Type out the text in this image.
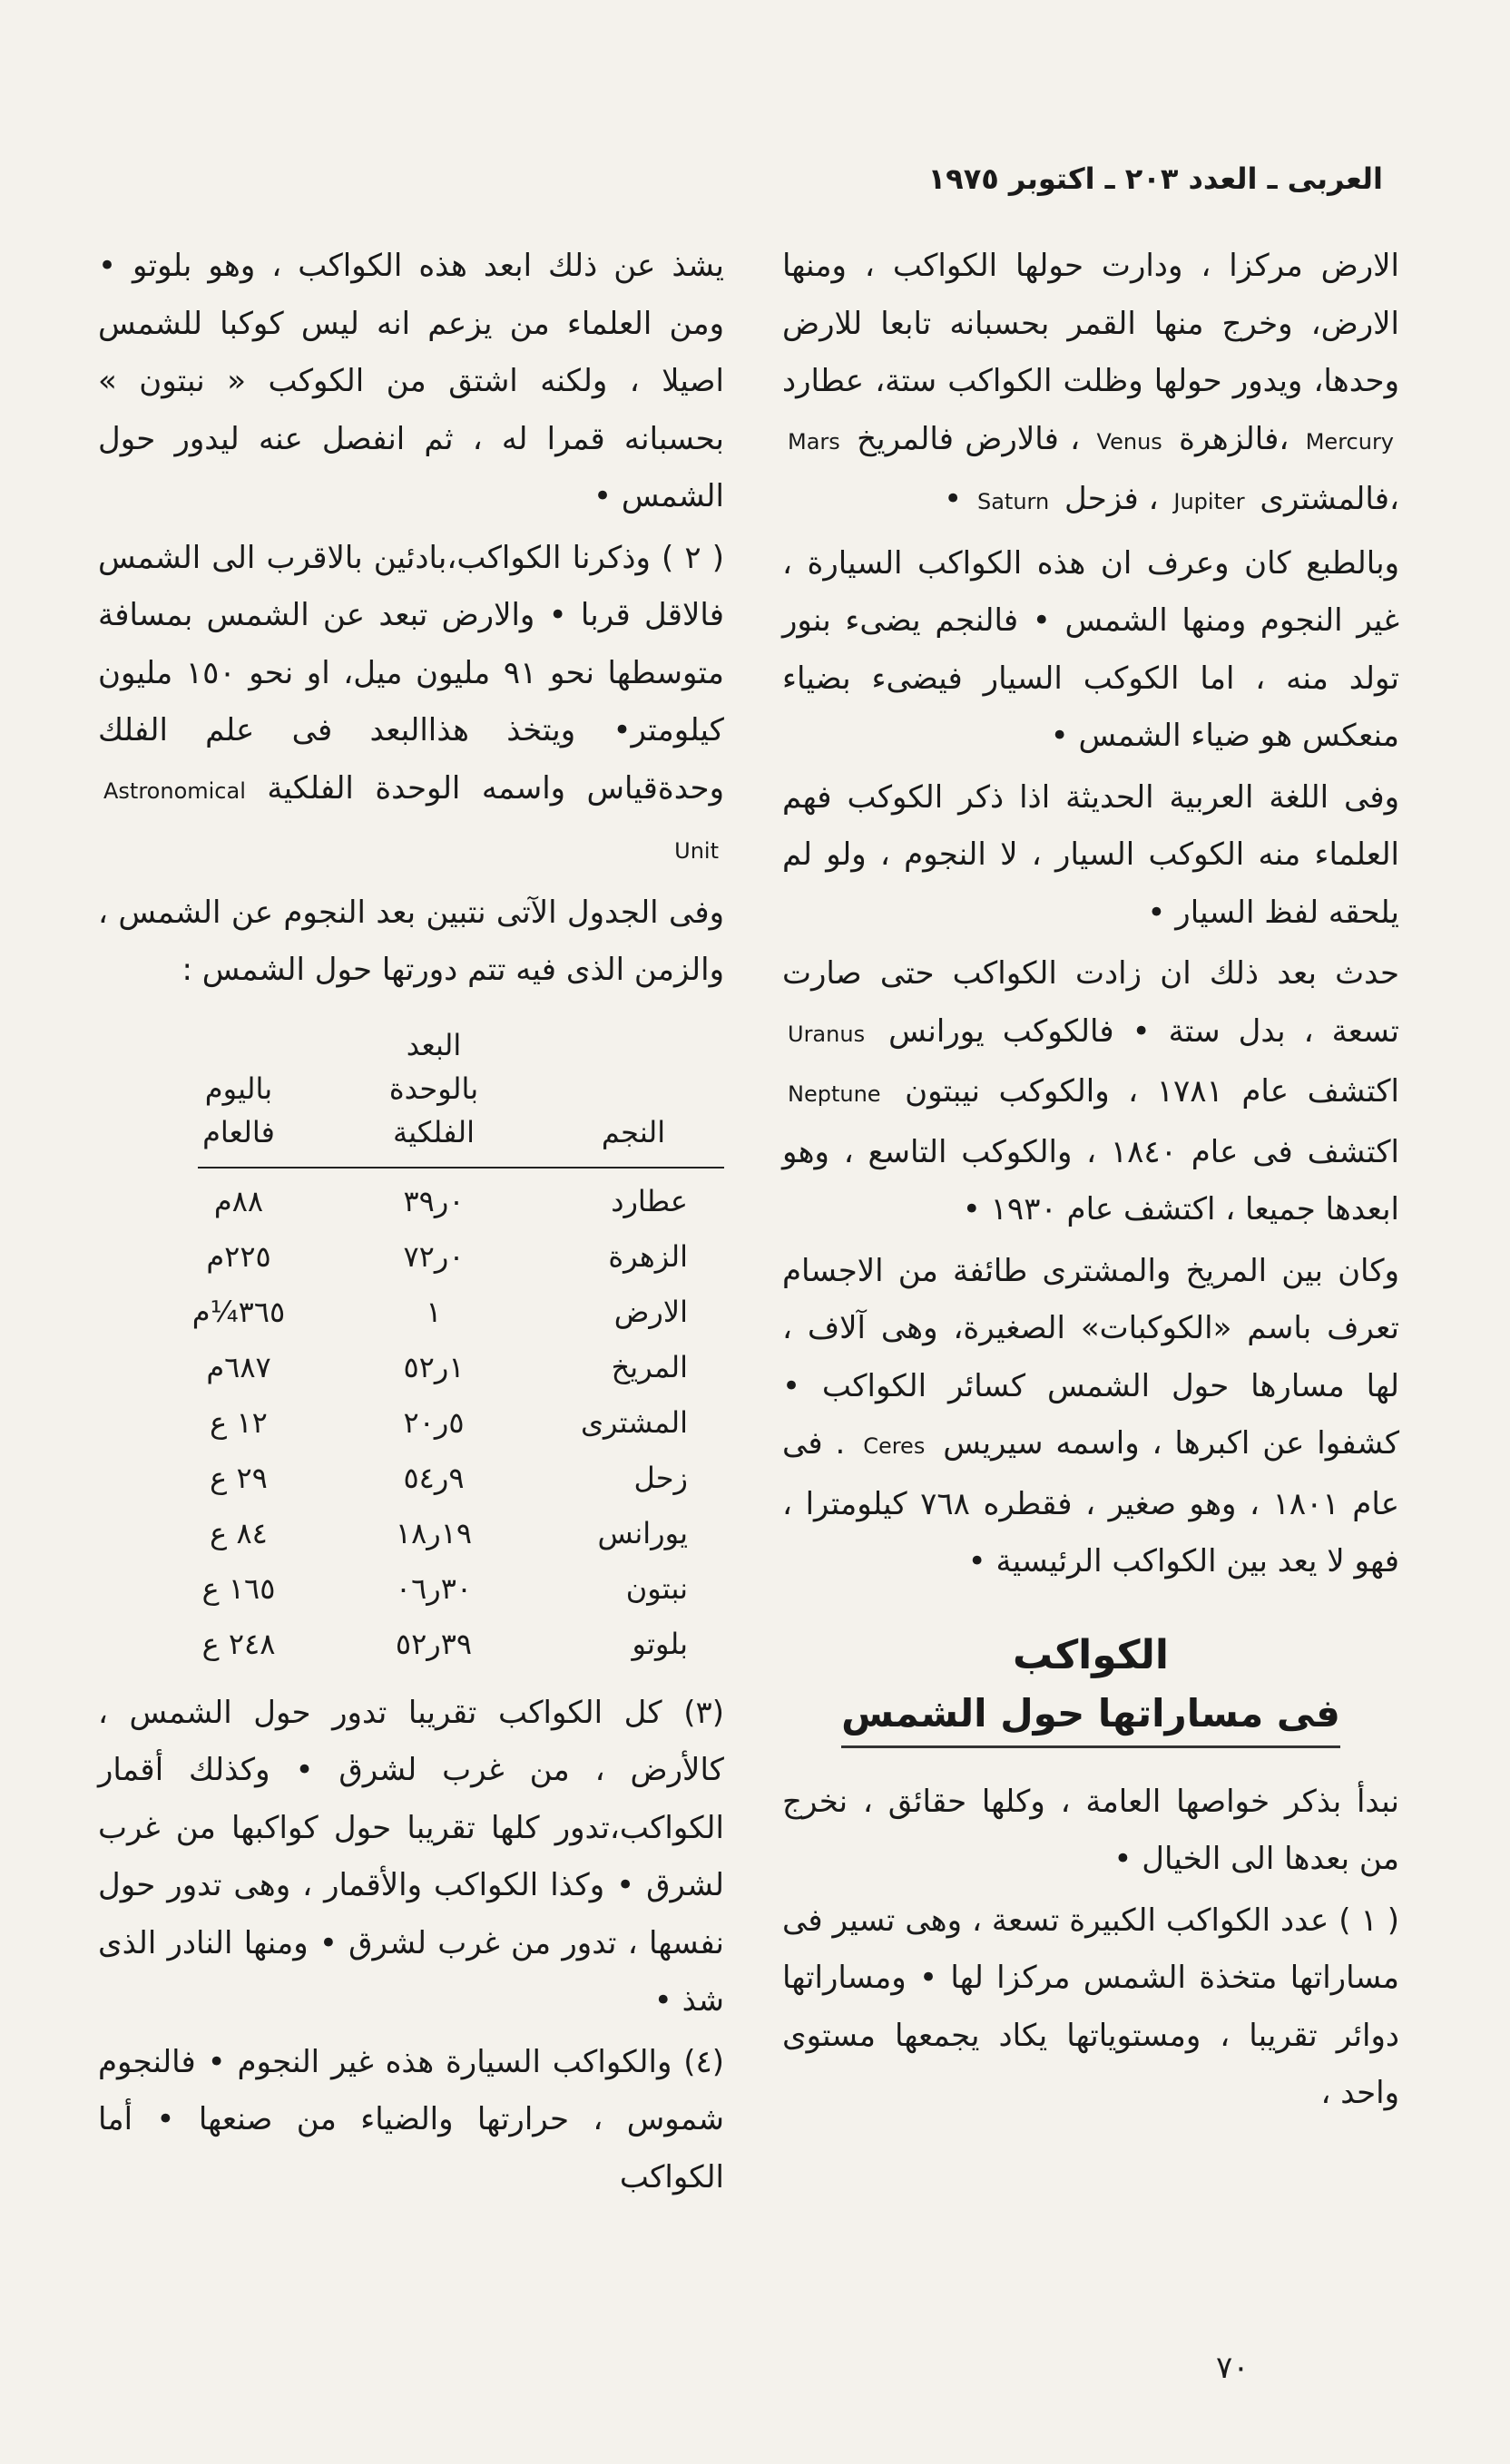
العربى ـ العدد ٢٠٣ ـ اكتوبر ١٩٧٥

الارض مركزا ، ودارت حولها الكواكب ، ومنها الارض، وخرج منها القمر بحسبانه تابعا للارض وحدها، ويدور حولها وظلت الكواكب ستة، عطارد Mercury ،فالزهرة Venus ، فالارض فالمريخ Mars ،فالمشترى Jupiter ، فزحل Saturn •

وبالطبع كان وعرف ان هذه الكواكب السيارة ، غير النجوم ومنها الشمس • فالنجم يضىء بنور تولد منه ، اما الكوكب السيار فيضىء بضياء منعكس هو ضياء الشمس •

وفى اللغة العربية الحديثة اذا ذكر الكوكب فهم العلماء منه الكوكب السيار ، لا النجوم ، ولو لم يلحقه لفظ السيار •

حدث بعد ذلك ان زادت الكواكب حتى صارت تسعة ، بدل ستة • فالكوكب يورانس Uranus اكتشف عام ١٧٨١ ، والكوكب نيبتون Neptune اكتشف فى عام ١٨٤٠ ، والكوكب التاسع ، وهو ابعدها جميعا ، اكتشف عام ١٩٣٠ •

وكان بين المريخ والمشترى طائفة من الاجسام تعرف باسم «الكوكبات» الصغيرة، وهى آلاف ، لها مسارها حول الشمس كسائر الكواكب • كشفوا عن اكبرها ، واسمه سيريس Ceres . فى عام ١٨٠١ ، وهو صغير ، فقطره ٧٦٨ كيلومترا ، فهو لا يعد بين الكواكب الرئيسية •

الكواكب
فى مساراتها حول الشمس

نبدأ بذكر خواصها العامة ، وكلها حقائق ، نخرج من بعدها الى الخيال •

( ١ ) عدد الكواكب الكبيرة تسعة ، وهى تسير فى مساراتها متخذة الشمس مركزا لها • ومساراتها دوائر تقريبا ، ومستوياتها يكاد يجمعها مستوى واحد ،

يشذ عن ذلك ابعد هذه الكواكب ، وهو بلوتو • ومن العلماء من يزعم انه ليس كوكبا للشمس اصيلا ، ولكنه اشتق من الكوكب « نبتون » بحسبانه قمرا له ، ثم انفصل عنه ليدور حول الشمس •

( ٢ ) وذكرنا الكواكب،بادئين بالاقرب الى الشمس فالاقل قربا • والارض تبعد عن الشمس بمسافة متوسطها نحو ٩١ مليون ميل، او نحو ١٥٠ مليون كيلومتر• ويتخذ هذاالبعد فى علم الفلك وحدةقياس واسمه الوحدة الفلكية Astronomical Unit

وفى الجدول الآتى نتبين بعد النجوم عن الشمس ، والزمن الذى فيه تتم دورتها حول الشمس :

النجم
البعد
بالوحدة
الفلكية
باليوم
فالعام
عطارد
٠ر٣٩
٨٨م
الزهرة
٠ر٧٢
٢٢٥م
الارض
١
٣٦٥¼م
المريخ
١ر٥٢
٦٨٧م
المشترى
٥ر٢٠
١٢ ع
زحل
٩ر٥٤
٢٩ ع
يورانس
١٩ر١٨
٨٤ ع
نبتون
٣٠ر٠٦
١٦٥ ع
بلوتو
٣٩ر٥٢
٢٤٨ ع

(٣) كل الكواكب تقريبا تدور حول الشمس ، كالأرض ، من غرب لشرق • وكذلك أقمار الكواكب،تدور كلها تقريبا حول كواكبها من غرب لشرق • وكذا الكواكب والأقمار ، وهى تدور حول نفسها ، تدور من غرب لشرق • ومنها النادر الذى شذ •

(٤) والكواكب السيارة هذه غير النجوم • فالنجوم شموس ، حرارتها والضياء من صنعها • أما الكواكب

٧٠
